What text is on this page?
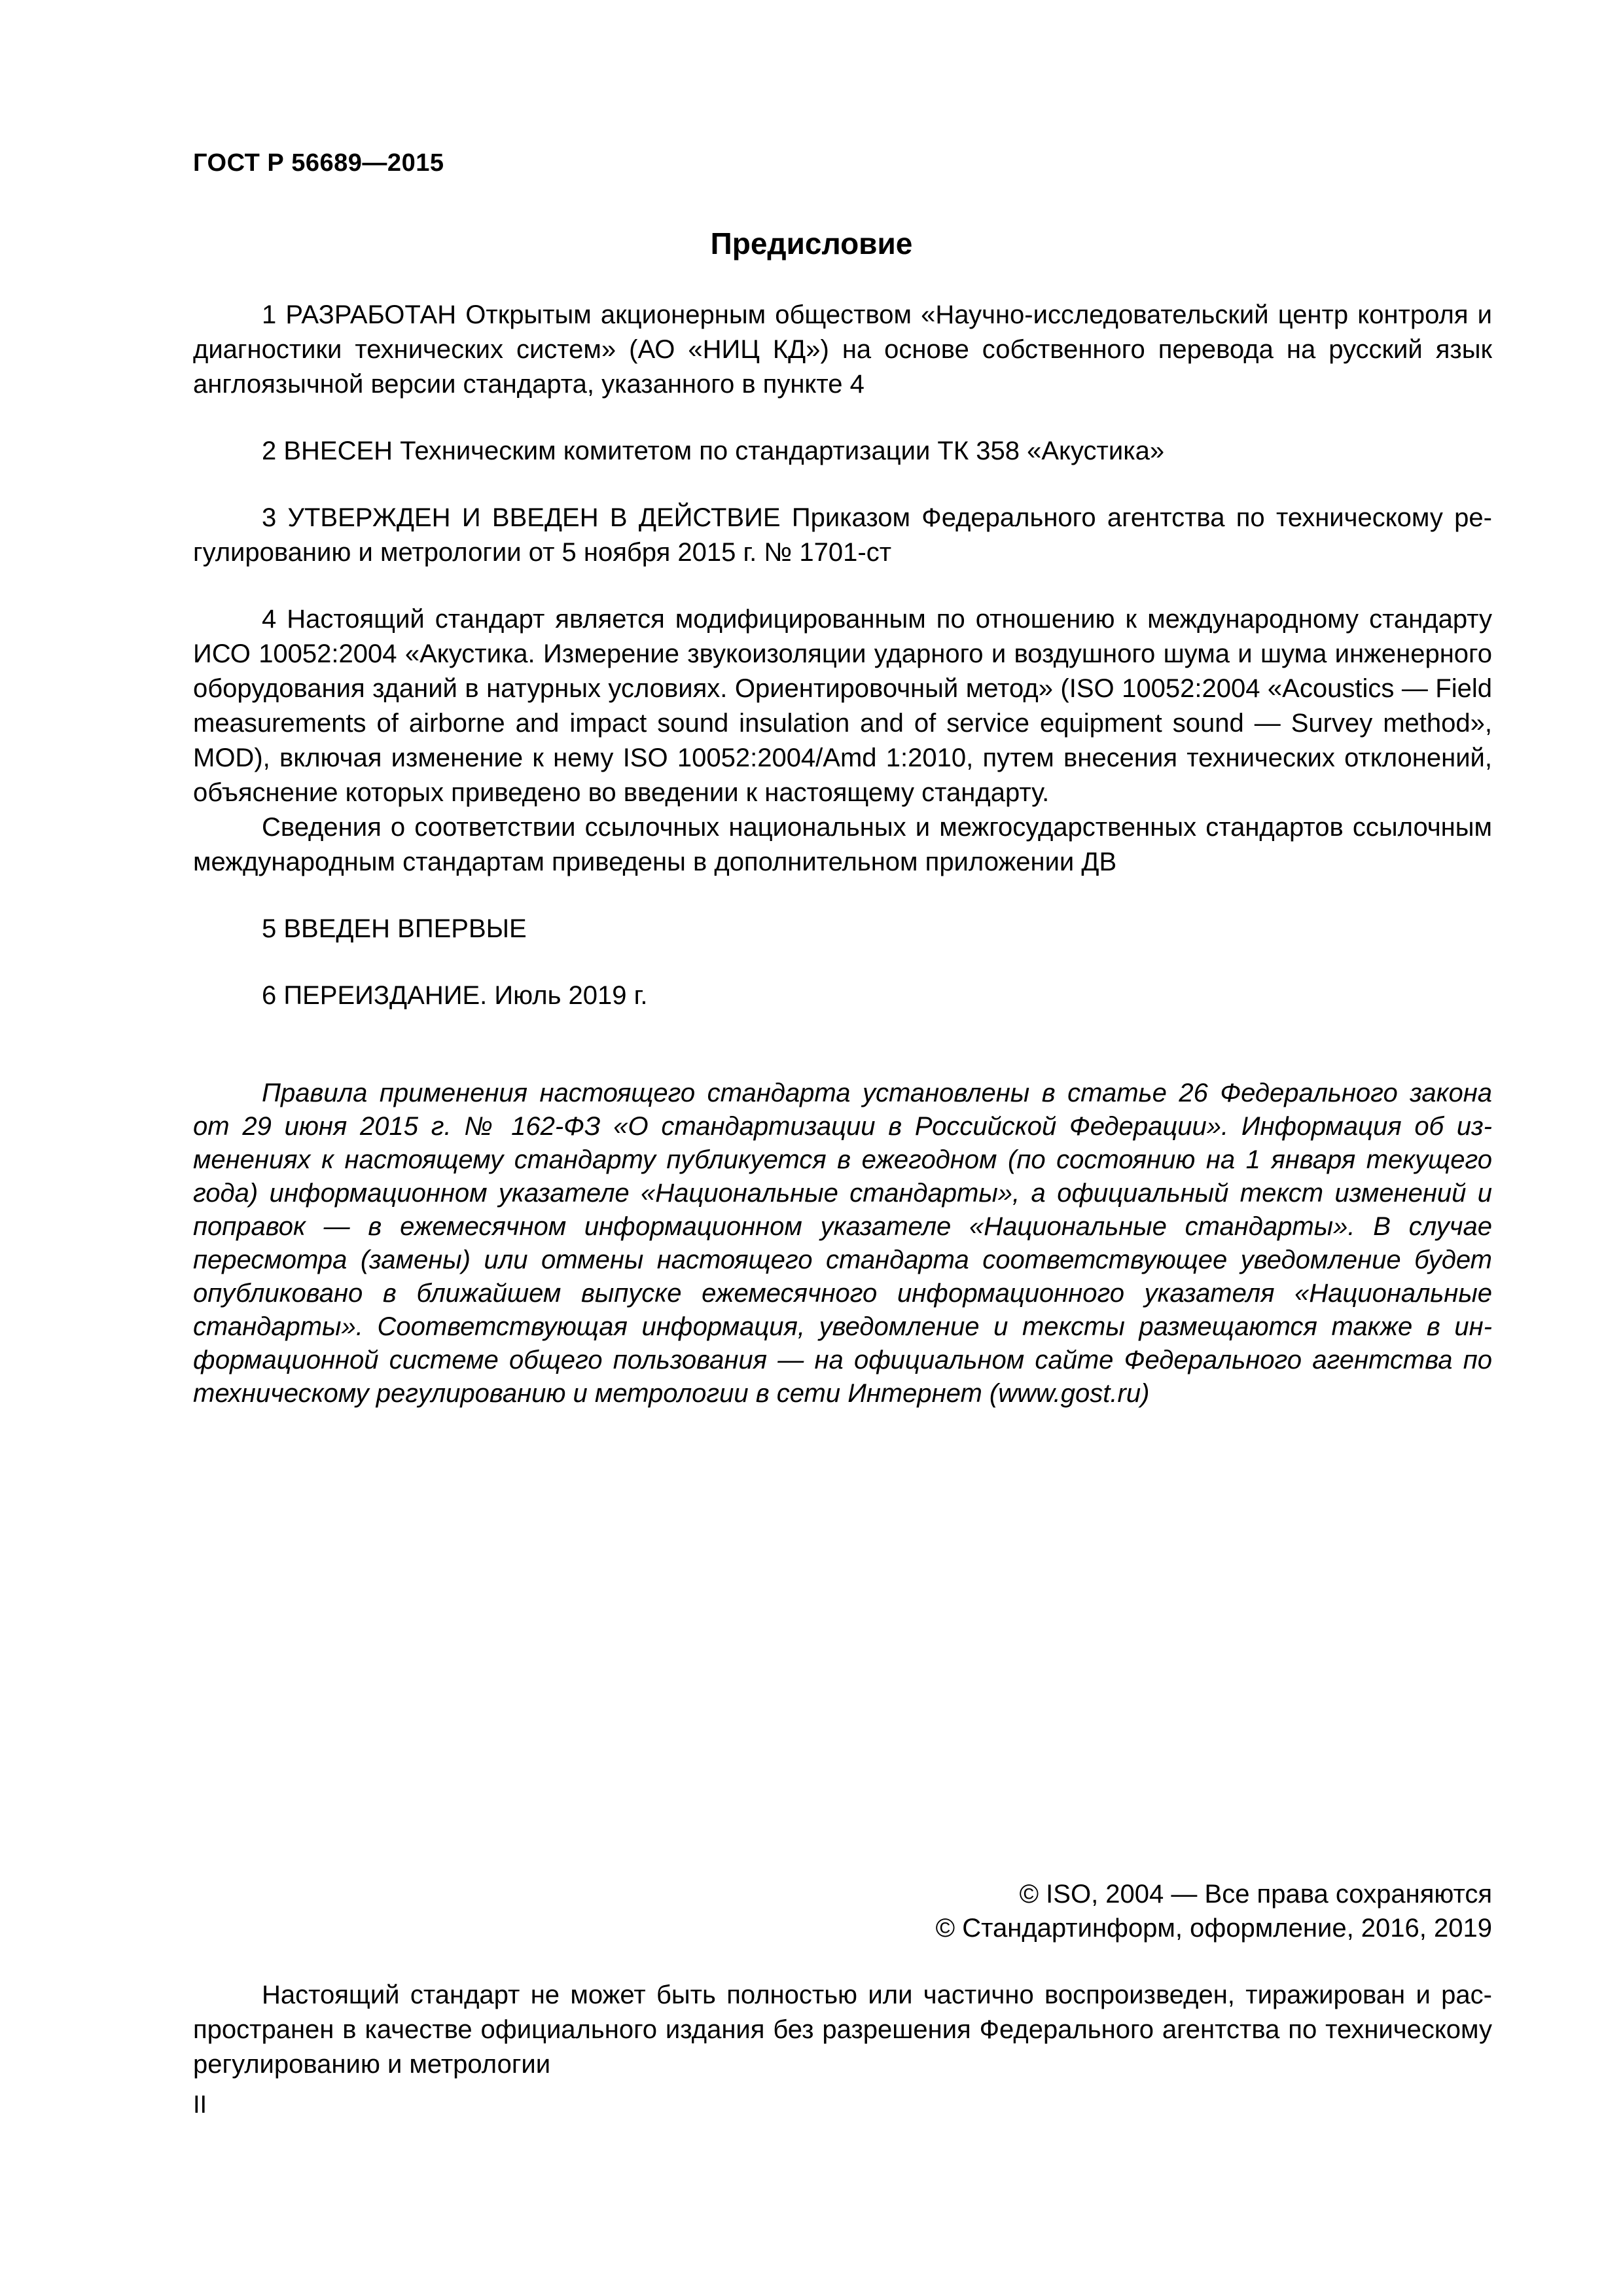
ГОСТ Р 56689—2015
Предисловие

1 РАЗРАБОТАН Открытым акционерным обществом «Научно-исследовательский центр контроля и диагностики технических систем» (АО «НИЦ КД») на основе собственного перевода на русский язык англоязычной версии стандарта, указанного в пункте 4

2 ВНЕСЕН Техническим комитетом по стандартизации ТК 358 «Акустика»

3 УТВЕРЖДЕН И ВВЕДЕН В ДЕЙСТВИЕ Приказом Федерального агентства по техническому регулированию и метрологии от 5 ноября 2015 г. № 1701-ст

4 Настоящий стандарт является модифицированным по отношению к международному стандарту ИСО 10052:2004 «Акустика. Измерение звукоизоляции ударного и воздушного шума и шума инженерного оборудования зданий в натурных условиях. Ориентировочный метод» (ISO 10052:2004 «Acoustics — Field measurements of airborne and impact sound insulation and of service equipment sound — Survey method», MOD), включая изменение к нему ISO 10052:2004/Amd 1:2010, путем внесения технических отклонений, объяснение которых приведено во введении к настоящему стандарту.

Сведения о соответствии ссылочных национальных и межгосударственных стандартов ссылочным международным стандартам приведены в дополнительном приложении ДВ

5 ВВЕДЕН ВПЕРВЫЕ

6 ПЕРЕИЗДАНИЕ. Июль 2019 г.

Правила применения настоящего стандарта установлены в статье 26 Федерального закона от 29 июня 2015 г. № 162-ФЗ «О стандартизации в Российской Федерации». Информация об изменениях к настоящему стандарту публикуется в ежегодном (по состоянию на 1 января текущего года) информационном указателе «Национальные стандарты», а официальный текст изменений и поправок — в ежемесячном информационном указателе «Национальные стандарты». В случае пересмотра (замены) или отмены настоящего стандарта соответствующее уведомление будет опубликовано в ближайшем выпуске ежемесячного информационного указателя «Национальные стандарты». Соответствующая информация, уведомление и тексты размещаются также в информационной системе общего пользования — на официальном сайте Федерального агентства по техническому регулированию и метрологии в сети Интернет (www.gost.ru)

© ISO, 2004 — Все права сохраняются
© Стандартинформ, оформление, 2016, 2019

Настоящий стандарт не может быть полностью или частично воспроизведен, тиражирован и распространен в качестве официального издания без разрешения Федерального агентства по техническому регулированию и метрологии

II
